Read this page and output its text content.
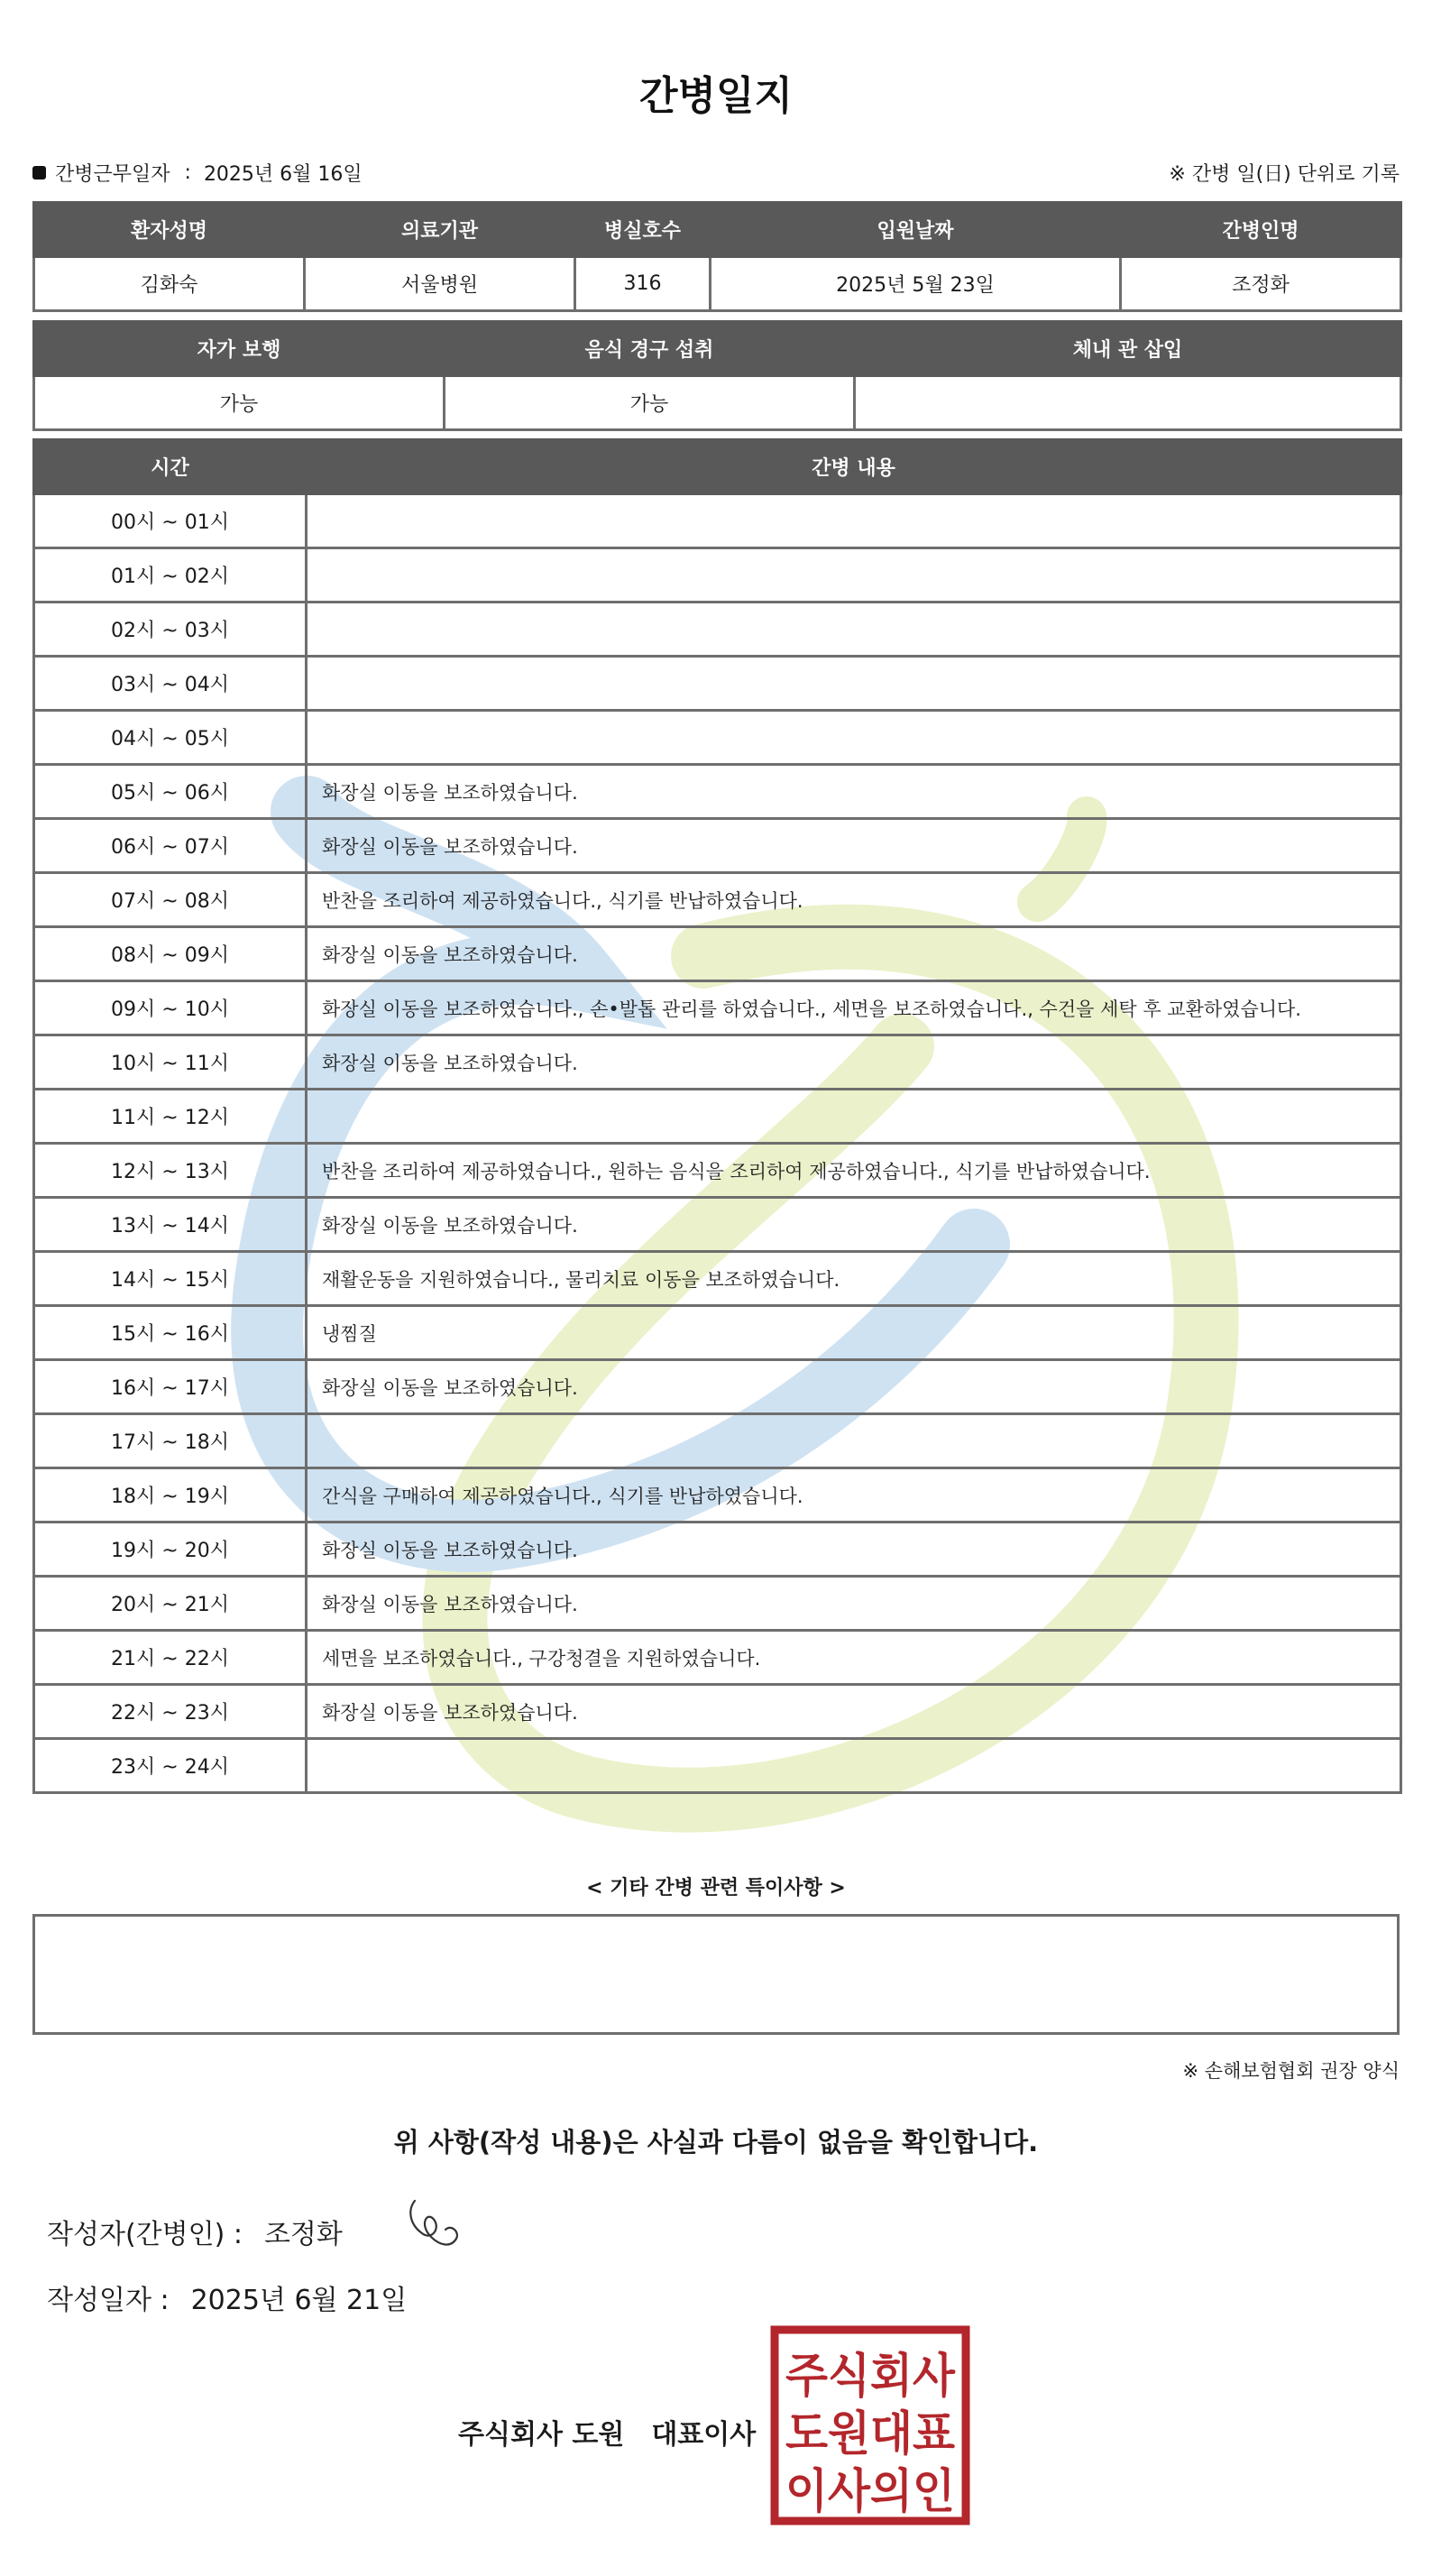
간병일지
간병근무일자 : 2025년 6월 16일	※ 간병 일(日) 단위로 기록
환자성명	의료기관	병실호수	입원날짜	간병인명
김화숙	서울병원	316	2025년 5월 23일	조정화
자가 보행	음식 경구 섭취	체내 관 삽입
가능	가능	
시간	간병 내용
00시 ~ 01시	
01시 ~ 02시	
02시 ~ 03시	
03시 ~ 04시	
04시 ~ 05시	
05시 ~ 06시	화장실 이동을 보조하였습니다.
06시 ~ 07시	화장실 이동을 보조하였습니다.
07시 ~ 08시	반찬을 조리하여 제공하였습니다., 식기를 반납하였습니다.
08시 ~ 09시	화장실 이동을 보조하였습니다.
09시 ~ 10시	화장실 이동을 보조하였습니다., 손•발톱 관리를 하였습니다., 세면을 보조하였습니다., 수건을 세탁 후 교환하였습니다.
10시 ~ 11시	화장실 이동을 보조하였습니다.
11시 ~ 12시	
12시 ~ 13시	반찬을 조리하여 제공하였습니다., 원하는 음식을 조리하여 제공하였습니다., 식기를 반납하였습니다.
13시 ~ 14시	화장실 이동을 보조하였습니다.
14시 ~ 15시	재활운동을 지원하였습니다., 물리치료 이동을 보조하였습니다.
15시 ~ 16시	냉찜질
16시 ~ 17시	화장실 이동을 보조하였습니다.
17시 ~ 18시	
18시 ~ 19시	간식을 구매하여 제공하였습니다., 식기를 반납하였습니다.
19시 ~ 20시	화장실 이동을 보조하였습니다.
20시 ~ 21시	화장실 이동을 보조하였습니다.
21시 ~ 22시	세면을 보조하였습니다., 구강청결을 지원하였습니다.
22시 ~ 23시	화장실 이동을 보조하였습니다.
23시 ~ 24시	
< 기타 간병 관련 특이사항 >
※ 손해보험협회 권장 양식
위 사항(작성 내용)은 사실과 다름이 없음을 확인합니다.
작성자(간병인) : 조정화
작성일자 : 2025년 6월 21일
주식회사 도원 대표이사
주식회사
도원대표
이사의인
